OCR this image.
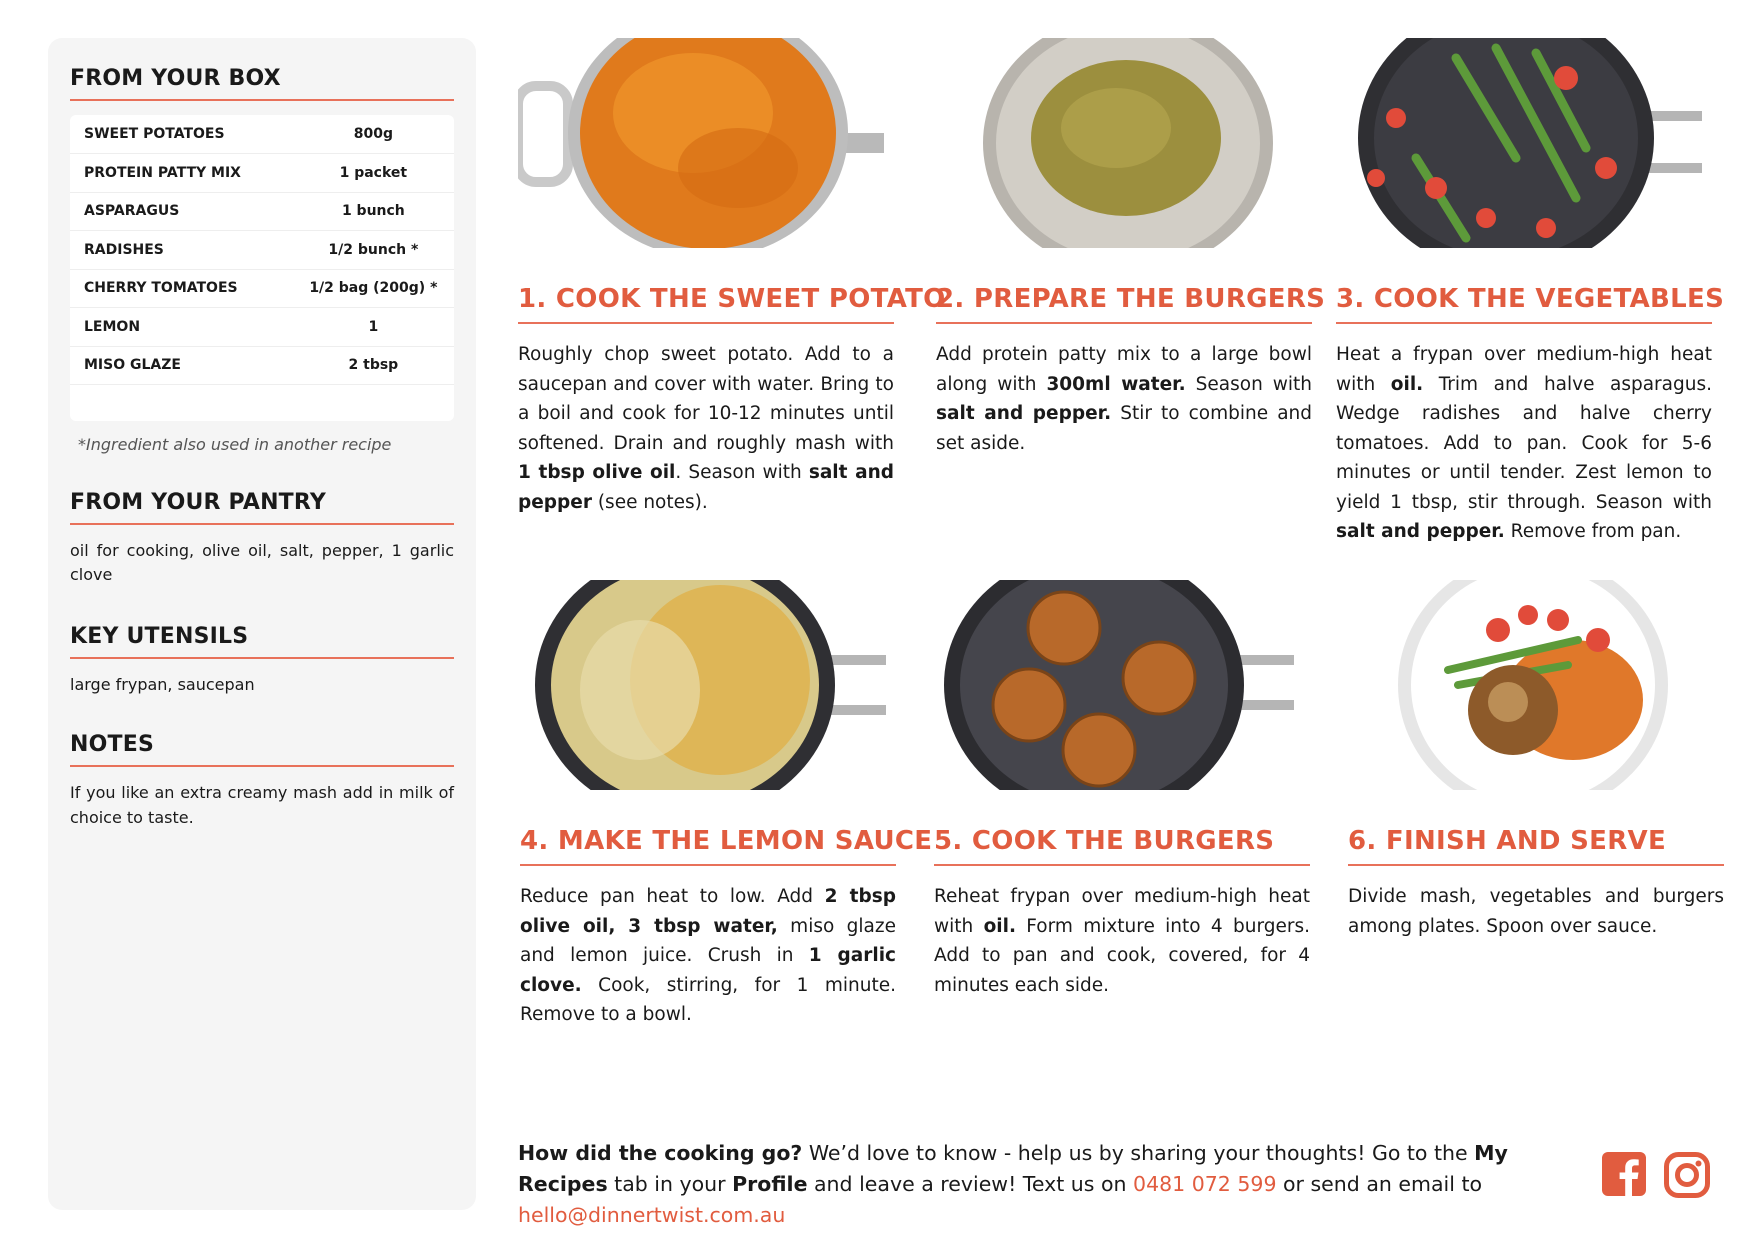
FROM YOUR BOX
SWEET POTATOES	800g
PROTEIN PATTY MIX	1 packet
ASPARAGUS	1 bunch
RADISHES	1/2 bunch *
CHERRY TOMATOES	1/2 bag (200g) *
LEMON	1
MISO GLAZE	2 tbsp

*Ingredient also used in another recipe
FROM YOUR PANTRY
oil for cooking, olive oil, salt, pepper, 1 garlic clove
KEY UTENSILS
large frypan, saucepan
NOTES
If you like an extra creamy mash add in milk of choice to taste.
1. COOK THE SWEET POTATO
Roughly chop sweet potato. Add to a saucepan and cover with water. Bring to a boil and cook for 10-12 minutes until softened. Drain and roughly mash with 1 tbsp olive oil. Season with salt and pepper (see notes).
2. PREPARE THE BURGERS
Add protein patty mix to a large bowl along with 300ml water. Season with salt and pepper. Stir to combine and set aside.
3. COOK THE VEGETABLES
Heat a frypan over medium-high heat with oil. Trim and halve asparagus. Wedge radishes and halve cherry tomatoes. Add to pan. Cook for 5-6 minutes or until tender. Zest lemon to yield 1 tbsp, stir through. Season with salt and pepper. Remove from pan.
4. MAKE THE LEMON SAUCE
Reduce pan heat to low. Add 2 tbsp olive oil, 3 tbsp water, miso glaze and lemon juice. Crush in 1 garlic clove. Cook, stirring, for 1 minute. Remove to a bowl.
5. COOK THE BURGERS
Reheat frypan over medium-high heat with oil. Form mixture into 4 burgers. Add to pan and cook, covered, for 4 minutes each side.
6. FINISH AND SERVE
Divide mash, vegetables and burgers among plates. Spoon over sauce.
How did the cooking go? We’d love to know - help us by sharing your thoughts! Go to the My Recipes tab in your Profile and leave a review! Text us on 0481 072 599 or send an email to hello@dinnertwist.com.au
